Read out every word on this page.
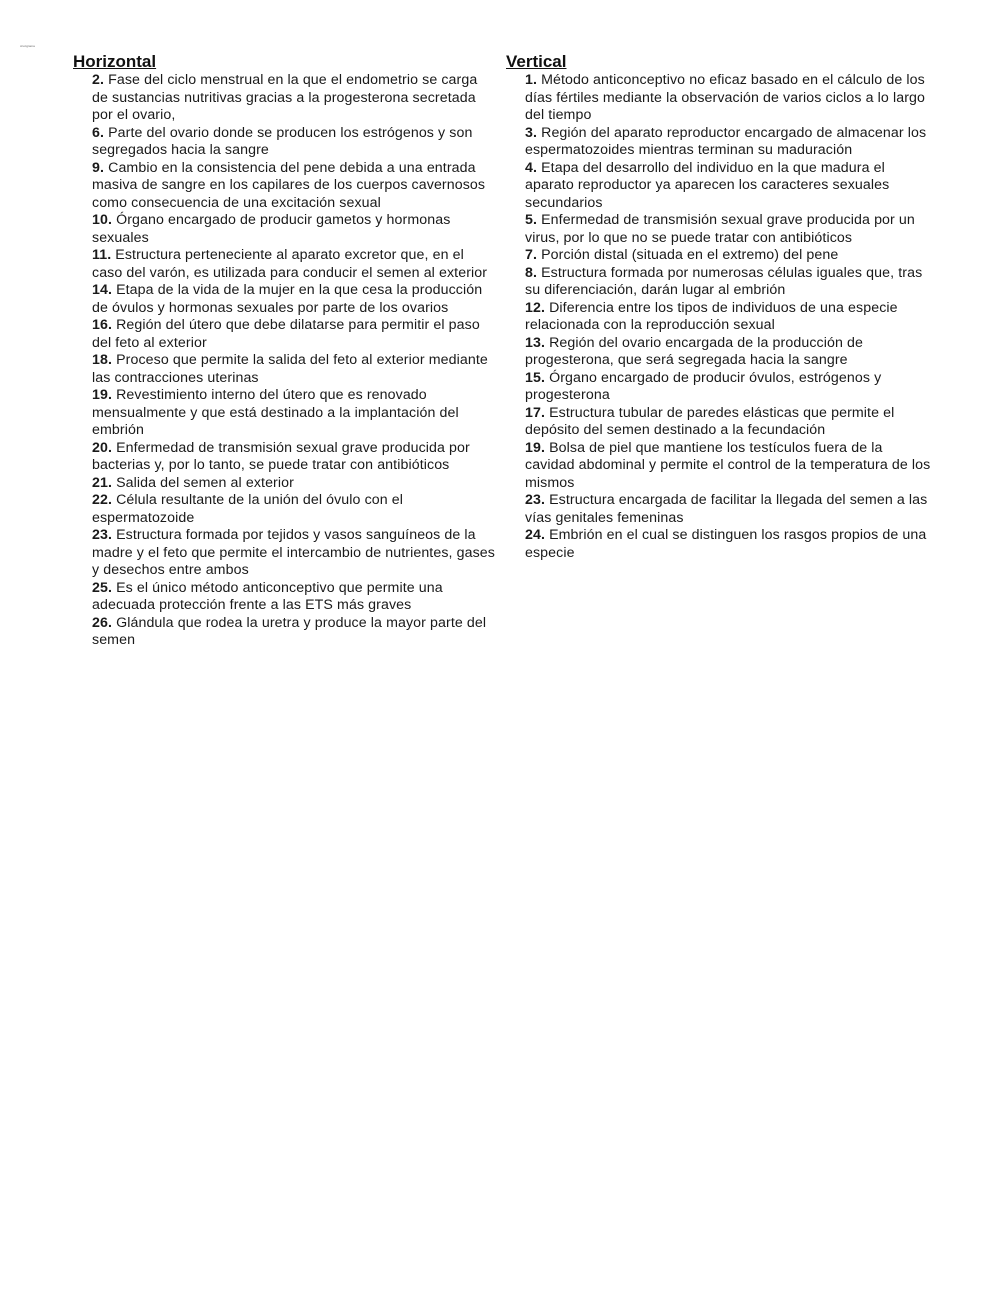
crucigrama
Horizontal
2. Fase del ciclo menstrual en la que el endometrio se carga de sustancias nutritivas gracias a la progesterona secretada por el ovario,
6. Parte del ovario donde se producen los estrógenos y son segregados hacia la sangre
9. Cambio en la consistencia del pene debida a una entrada masiva de sangre en los capilares de los cuerpos cavernosos como consecuencia de una excitación sexual
10. Órgano encargado de producir gametos y hormonas sexuales
11. Estructura perteneciente al aparato excretor que, en el caso del varón, es utilizada para conducir el semen al exterior
14. Etapa de la vida de la mujer en la que cesa la producción de óvulos y hormonas sexuales por parte de los ovarios
16. Región del útero que debe dilatarse para permitir el paso del feto al exterior
18. Proceso que permite la salida del feto al exterior mediante las contracciones uterinas
19. Revestimiento interno del útero que es renovado mensualmente y que está destinado a la implantación del embrión
20. Enfermedad de transmisión sexual grave producida por bacterias y, por lo tanto, se puede tratar con antibióticos
21. Salida del semen al exterior
22. Célula resultante de la unión del óvulo con el espermatozoide
23. Estructura formada por tejidos y vasos sanguíneos de la madre y el feto que permite el intercambio de nutrientes, gases y desechos entre ambos
25. Es el único método anticonceptivo que permite una adecuada protección frente a las ETS más graves
26. Glándula que rodea la uretra y produce la mayor parte del semen
Vertical
1. Método anticonceptivo no eficaz basado en el cálculo de los días fértiles mediante la observación de varios ciclos a lo largo del tiempo
3. Región del aparato reproductor encargado de almacenar los espermatozoides mientras terminan su maduración
4. Etapa del desarrollo del individuo en la que madura el aparato reproductor ya aparecen los caracteres sexuales secundarios
5. Enfermedad de transmisión sexual grave producida por un virus, por lo que no se puede tratar con antibióticos
7. Porción distal (situada en el extremo) del pene
8. Estructura formada por numerosas células iguales que, tras su diferenciación, darán lugar al embrión
12. Diferencia entre los tipos de individuos de una especie relacionada con la reproducción sexual
13. Región del ovario encargada de la producción de progesterona, que será segregada hacia la sangre
15. Órgano encargado de producir óvulos, estrógenos y progesterona
17. Estructura tubular de paredes elásticas que permite el depósito del semen destinado a la fecundación
19. Bolsa de piel que mantiene los testículos fuera de la cavidad abdominal y permite el control de la temperatura de los mismos
23. Estructura encargada de facilitar la llegada del semen a las vías genitales femeninas
24. Embrión en el cual se distinguen los rasgos propios de una especie
